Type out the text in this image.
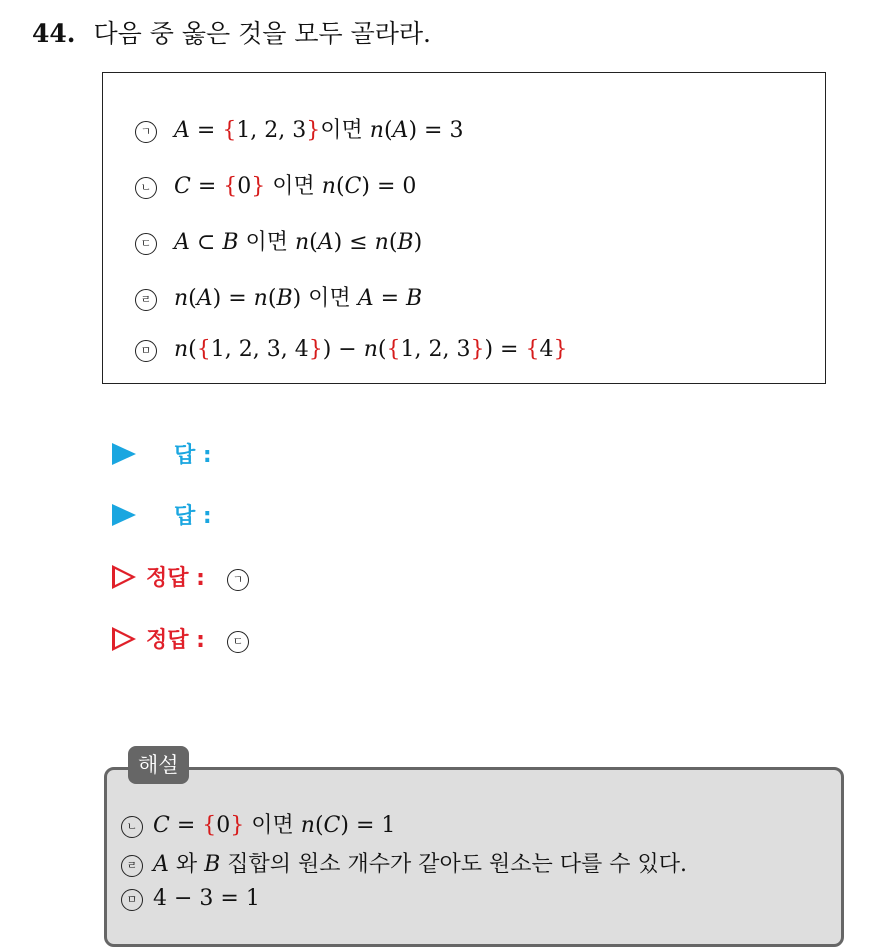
44. 다음 중 옳은 것을 모두 골라라.
ㄱ A = {1, 2, 3}이면 n(A) = 3
ㄴ C = {0} 이면 n(C) = 0
ㄷ A ⊂ B 이면 n(A) ≤ n(B)
ㄹ n(A) = n(B) 이면 A = B
ㅁ n({1, 2, 3, 4}) − n({1, 2, 3}) = {4}
답 :
답 :
정답 :	ㄱ
정답 :	ㄷ
ㄴ C = {0} 이면 n(C) = 1
ㄹ A 와 B 집합의 원소 개수가 같아도 원소는 다를 수 있다.
ㅁ 4 − 3 = 1
해설
